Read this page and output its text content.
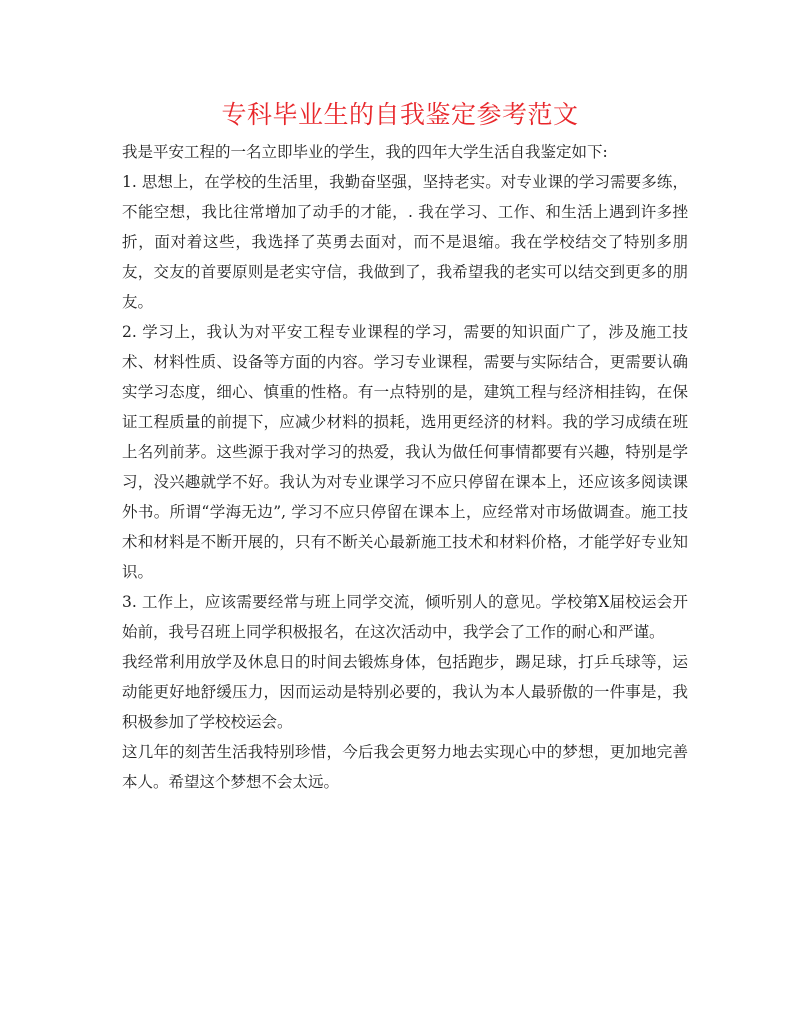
专科毕业生的自我鉴定参考范文

我是平安工程的一名立即毕业的学生，我的四年大学生活自我鉴定如下:

1. 思想上，在学校的生活里，我勤奋坚强，坚持老实。对专业课的学习需要多练，不能空想，我比往常增加了动手的才能，. 我在学习、工作、和生活上遇到许多挫折，面对着这些，我选择了英勇去面对，而不是退缩。我在学校结交了特别多朋友，交友的首要原则是老实守信，我做到了，我希望我的老实可以结交到更多的朋友。

2. 学习上，我认为对平安工程专业课程的学习，需要的知识面广了，涉及施工技术、材料性质、设备等方面的内容。学习专业课程，需要与实际结合，更需要认确实学习态度，细心、慎重的性格。有一点特别的是，建筑工程与经济相挂钩，在保证工程质量的前提下，应减少材料的损耗，选用更经济的材料。我的学习成绩在班上名列前茅。这些源于我对学习的热爱，我认为做任何事情都要有兴趣，特别是学习，没兴趣就学不好。我认为对专业课学习不应只停留在课本上，还应该多阅读课外书。所谓“学海无边”, 学习不应只停留在课本上，应经常对市场做调查。施工技术和材料是不断开展的，只有不断关心最新施工技术和材料价格，才能学好专业知识。

3. 工作上，应该需要经常与班上同学交流，倾听别人的意见。学校第X届校运会开始前，我号召班上同学积极报名，在这次活动中，我学会了工作的耐心和严谨。

我经常利用放学及休息日的时间去锻炼身体，包括跑步，踢足球，打乒乓球等，运动能更好地舒缓压力，因而运动是特别必要的，我认为本人最骄傲的一件事是，我积极参加了学校校运会。

这几年的刻苦生活我特别珍惜，今后我会更努力地去实现心中的梦想，更加地完善本人。希望这个梦想不会太远。
